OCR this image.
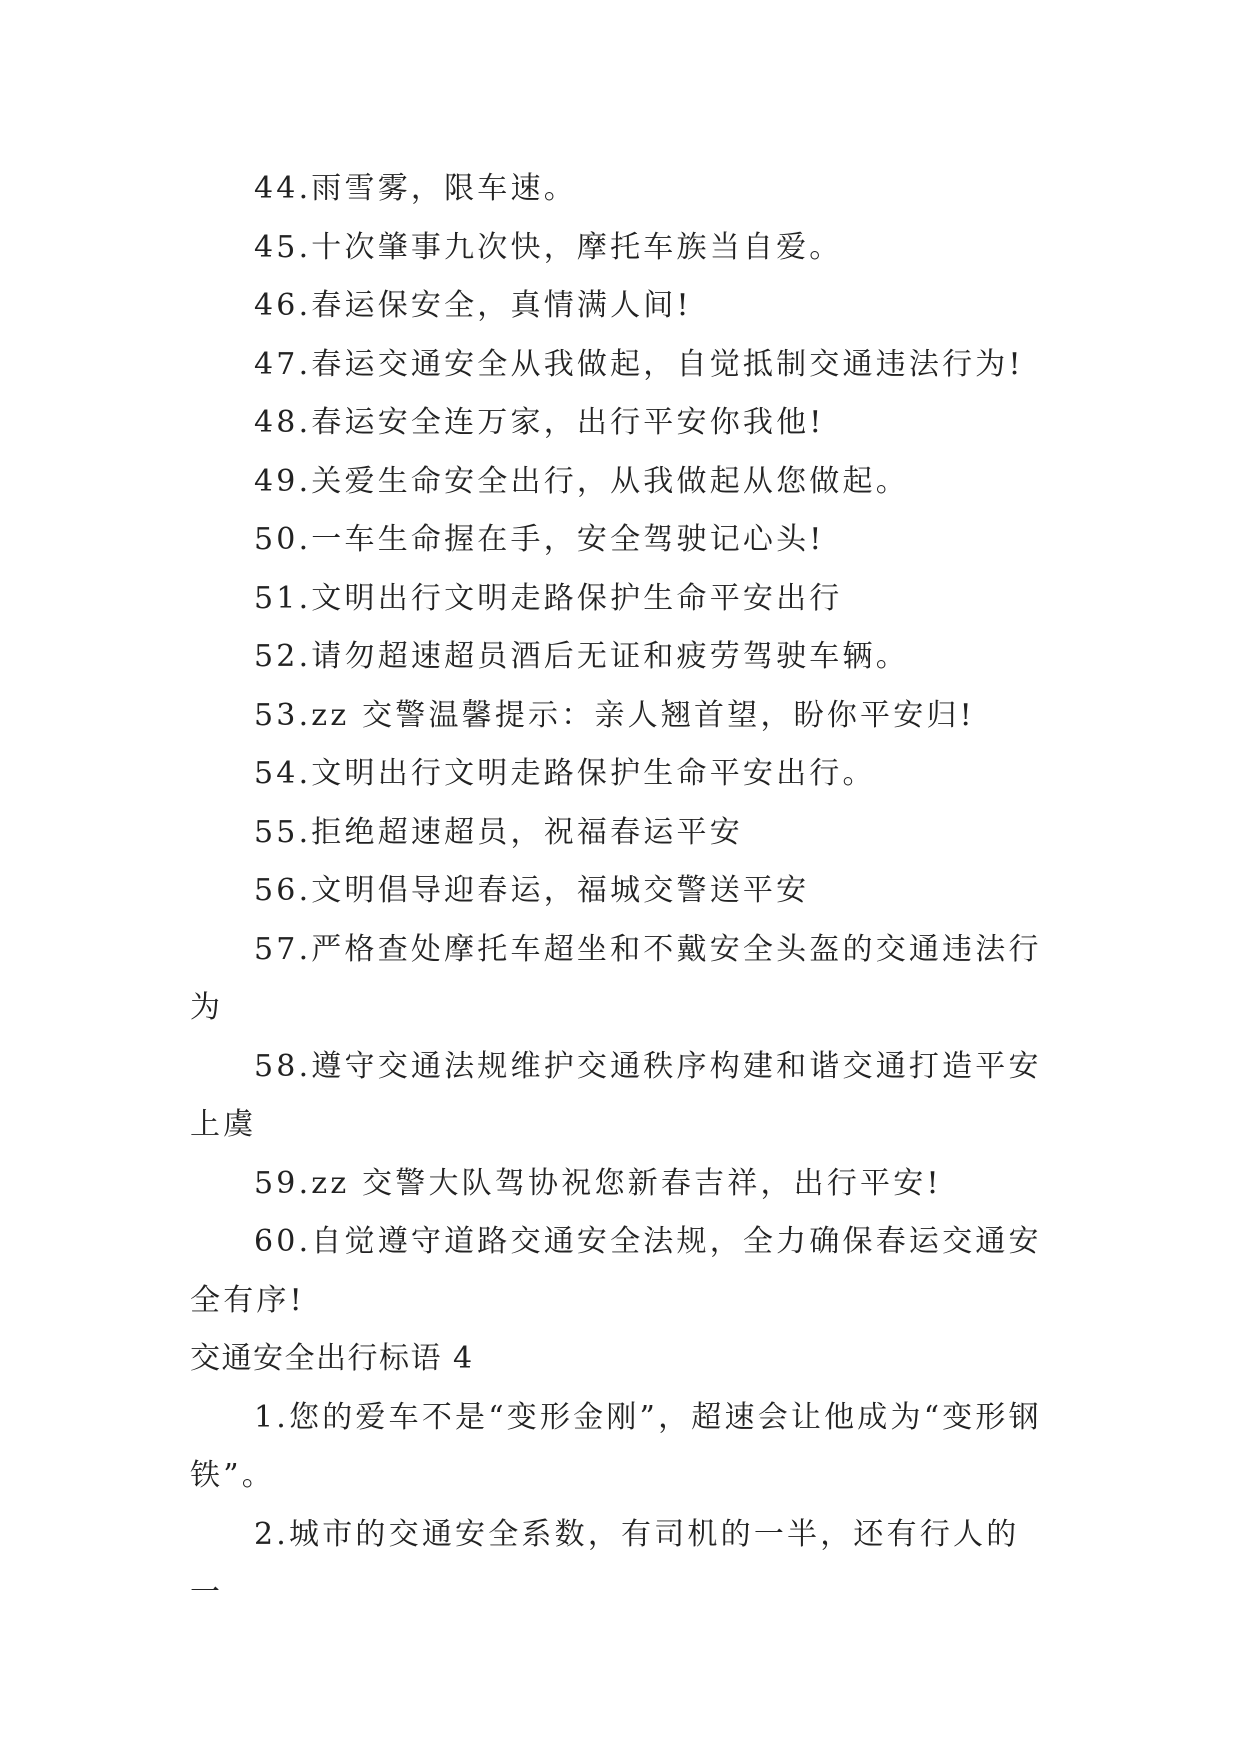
44.雨雪雾，限车速。

45.十次肇事九次快，摩托车族当自爱。

46.春运保安全，真情满人间!

47.春运交通安全从我做起，自觉抵制交通违法行为!

48.春运安全连万家，出行平安你我他!

49.关爱生命安全出行，从我做起从您做起。

50.一车生命握在手，安全驾驶记心头!

51.文明出行文明走路保护生命平安出行

52.请勿超速超员酒后无证和疲劳驾驶车辆。

53.zz 交警温馨提示：亲人翘首望，盼你平安归!

54.文明出行文明走路保护生命平安出行。

55.拒绝超速超员，祝福春运平安

56.文明倡导迎春运，福城交警送平安

57.严格查处摩托车超坐和不戴安全头盔的交通违法行为

58.遵守交通法规维护交通秩序构建和谐交通打造平安上虞

59.zz 交警大队驾协祝您新春吉祥，出行平安!

60.自觉遵守道路交通安全法规，全力确保春运交通安全有序!

交通安全出行标语 4

1.您的爱车不是“变形金刚”，超速会让他成为“变形钢铁”。

2.城市的交通安全系数，有司机的一半，还有行人的一
